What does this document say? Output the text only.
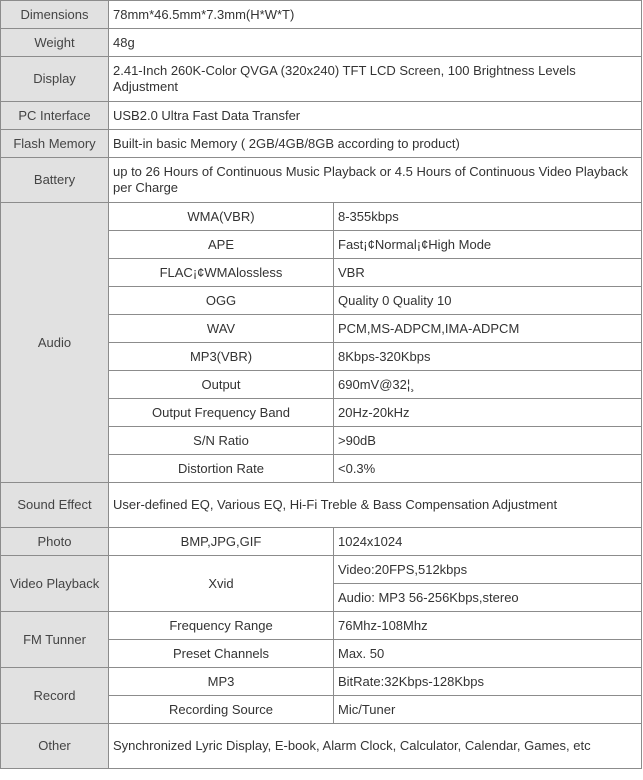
Dimensions	78mm*46.5mm*7.3mm(H*W*T)	
Weight	48g	
Display	2.41-Inch 260K-Color QVGA (320x240) TFT LCD Screen, 100 Brightness Levels Adjustment	
PC Interface	USB2.0 Ultra Fast Data Transfer	
Flash Memory	Built-in basic Memory ( 2GB/4GB/8GB according to product)	
Battery	up to 26 Hours of Continuous Music Playback or 4.5 Hours of Continuous Video Playback per Charge	
Audio	WMA(VBR)	8-355kbps
	APE	Fast¡¢Normal¡¢High Mode
	FLAC¡¢WMAlossless	VBR
	OGG	Quality 0 Quality 10
	WAV	PCM,MS-ADPCM,IMA-ADPCM
	MP3(VBR)	8Kbps-320Kbps
	Output	690mV@32¦¸
	Output Frequency Band	20Hz-20kHz
	S/N Ratio	>90dB
	Distortion Rate	<0.3%
Sound Effect	User-defined EQ, Various EQ, Hi-Fi Treble & Bass Compensation Adjustment	
Photo	BMP,JPG,GIF	1024x1024
Video Playback	Xvid	Video:20FPS,512kbps
		Audio: MP3 56-256Kbps,stereo
FM Tunner	Frequency Range	76Mhz-108Mhz
	Preset Channels	Max. 50
Record	MP3	BitRate:32Kbps-128Kbps
	Recording Source	Mic/Tuner
Other	Synchronized Lyric Display, E-book, Alarm Clock, Calculator, Calendar, Games, etc	
